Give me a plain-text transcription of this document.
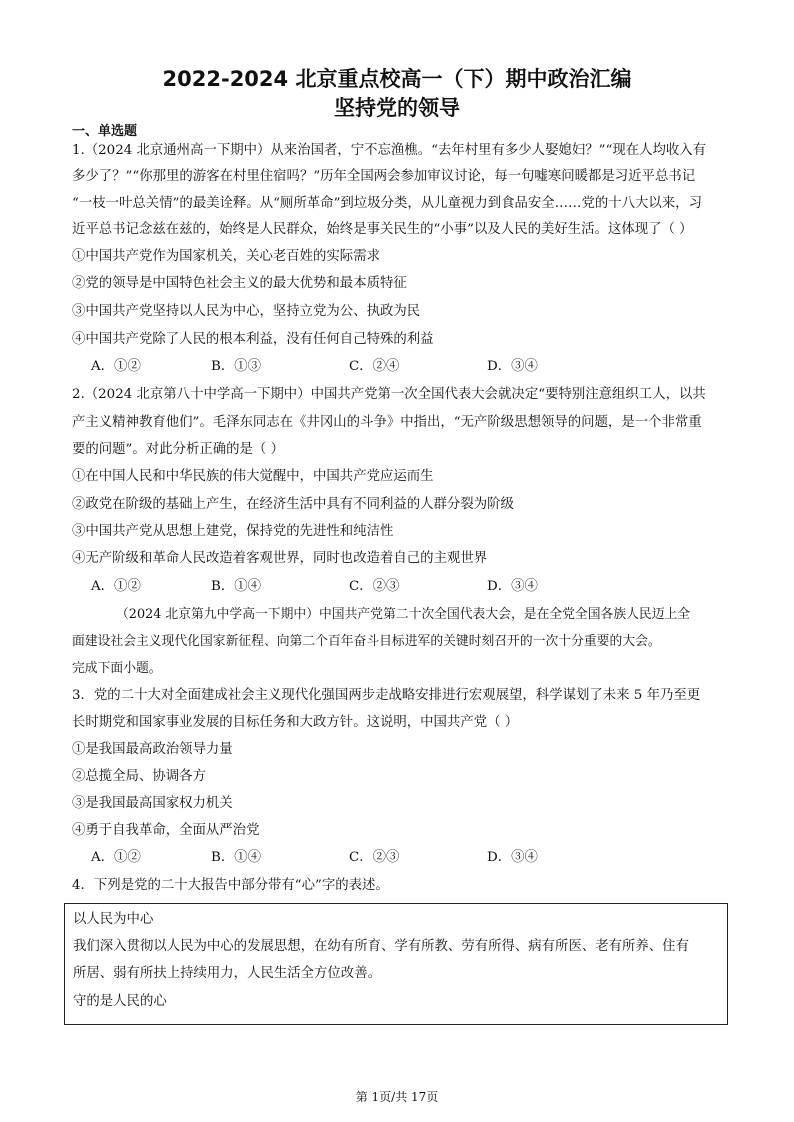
2022-2024 北京重点校高一（下）期中政治汇编
坚持党的领导
一、单选题
1.（2024 北京通州高一下期中）从来治国者，宁不忘渔樵。“去年村里有多少人娶媳妇？”“现在人均收入有
多少了？”“你那里的游客在村里住宿吗？”历年全国两会参加审议讨论，每一句嘘寒问暖都是习近平总书记
“一枝一叶总关情”的最美诠释。从“厕所革命”到垃圾分类，从儿童视力到食品安全……党的十八大以来，习
近平总书记念兹在兹的，始终是人民群众，始终是事关民生的“小事”以及人民的美好生活。这体现了（ ）
①中国共产党作为国家机关，关心老百姓的实际需求
②党的领导是中国特色社会主义的最大优势和最本质特征
③中国共产党坚持以人民为中心，坚持立党为公、执政为民
④中国共产党除了人民的根本利益，没有任何自己特殊的利益
A．①②	B．①③	C．②④	D．③④
2.（2024 北京第八十中学高一下期中）中国共产党第一次全国代表大会就决定“要特别注意组织工人，以共
产主义精神教育他们”。毛泽东同志在《井冈山的斗争》中指出，“无产阶级思想领导的问题，是一个非常重
要的问题”。对此分析正确的是（ ）
①在中国人民和中华民族的伟大觉醒中，中国共产党应运而生
②政党在阶级的基础上产生，在经济生活中具有不同利益的人群分裂为阶级
③中国共产党从思想上建党，保持党的先进性和纯洁性
④无产阶级和革命人民改造着客观世界，同时也改造着自己的主观世界
A．①②	B．①④	C．②③	D．③④
（2024 北京第九中学高一下期中）中国共产党第二十次全国代表大会，是在全党全国各族人民迈上全
面建设社会主义现代化国家新征程、向第二个百年奋斗目标进军的关键时刻召开的一次十分重要的大会。
完成下面小题。
3．党的二十大对全面建成社会主义现代化强国两步走战略安排进行宏观展望，科学谋划了未来 5 年乃至更
长时期党和国家事业发展的目标任务和大政方针。这说明，中国共产党（ ）
①是我国最高政治领导力量
②总揽全局、协调各方
③是我国最高国家权力机关
④勇于自我革命，全面从严治党
A．①②	B．①④	C．②③	D．③④
4．下列是党的二十大报告中部分带有“心”字的表述。
以人民为中心
我们深入贯彻以人民为中心的发展思想，在幼有所育、学有所教、劳有所得、病有所医、老有所养、住有
所居、弱有所扶上持续用力，人民生活全方位改善。
守的是人民的心
第 1页/共 17页
